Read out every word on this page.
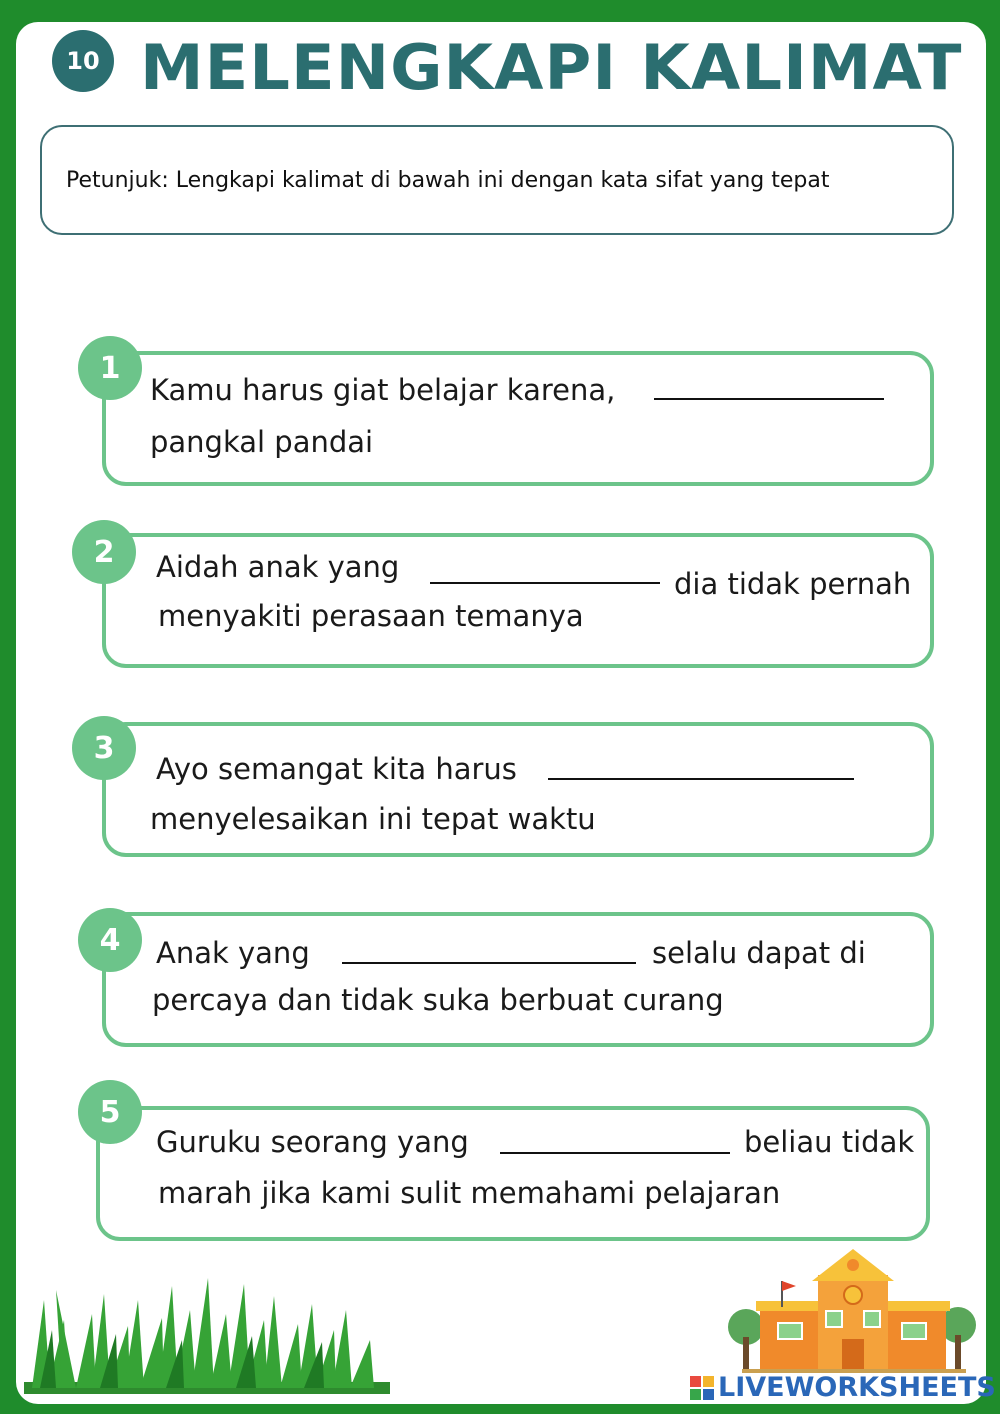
10 MELENGKAPI KALIMAT
Petunjuk: Lengkapi kalimat di bawah ini dengan kata sifat yang tepat
1
Kamu harus giat belajar karena,
pangkal pandai
2	Aidah anak yang	dia tidak pernah
menyakiti perasaan temanya
3
Ayo semangat kita harus
menyelesaikan ini tepat waktu
4	Anak yang	selalu dapat di
percaya dan tidak suka berbuat curang
5
Guruku seorang yang	beliau tidak
marah jika kami sulit memahami pelajaran
LIVEWORKSHEETS
